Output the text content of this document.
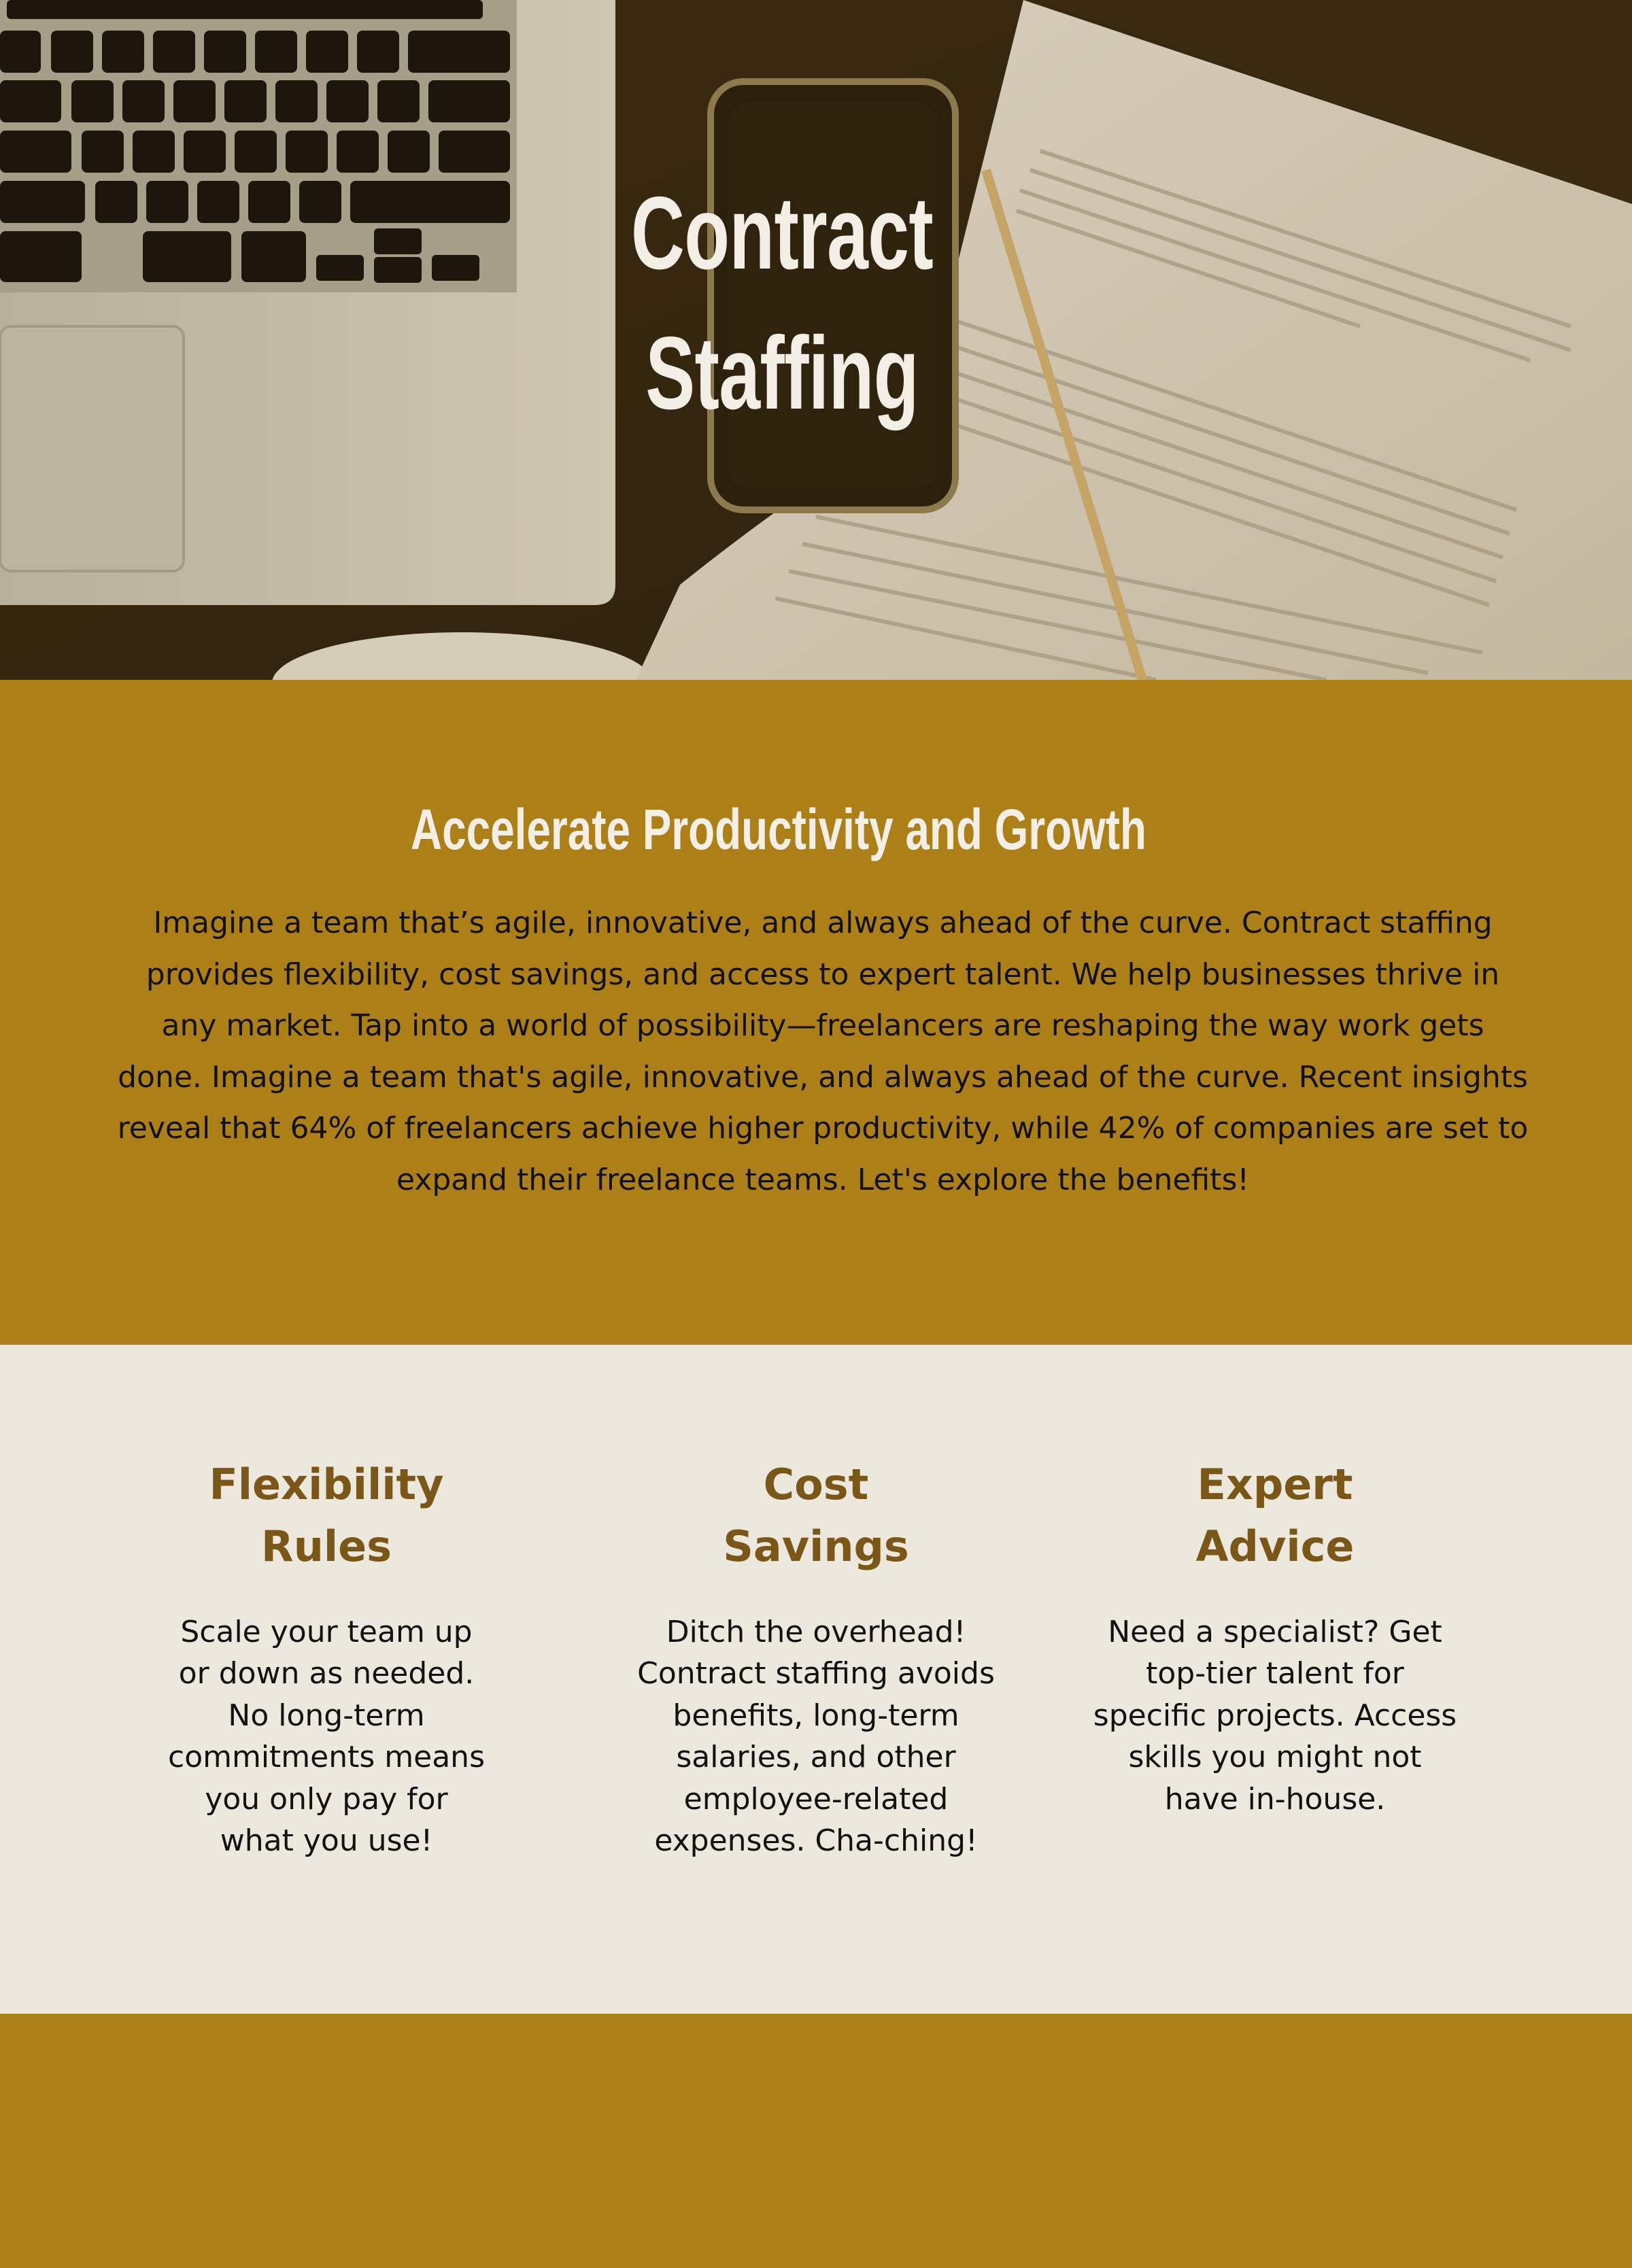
Contract
Staffing
Accelerate Productivity and Growth

Imagine a team that’s agile, innovative, and always ahead of the curve. Contract staffing provides flexibility, cost savings, and access to expert talent. We help businesses thrive in any market. Tap into a world of possibility—freelancers are reshaping the way work gets done. Imagine a team that's agile, innovative, and always ahead of the curve. Recent insights reveal that 64% of freelancers achieve higher productivity, while 42% of companies are set to expand their freelance teams. Let's explore the benefits!

Flexibility
Rules
Scale your team up
or down as needed.
No long-term
commitments means
you only pay for
what you use!
Cost
Savings
Ditch the overhead!
Contract staffing avoids
benefits, long-term
salaries, and other
employee-related
expenses. Cha-ching!
Expert
Advice
Need a specialist? Get
top-tier talent for
specific projects. Access
skills you might not
have in-house.
